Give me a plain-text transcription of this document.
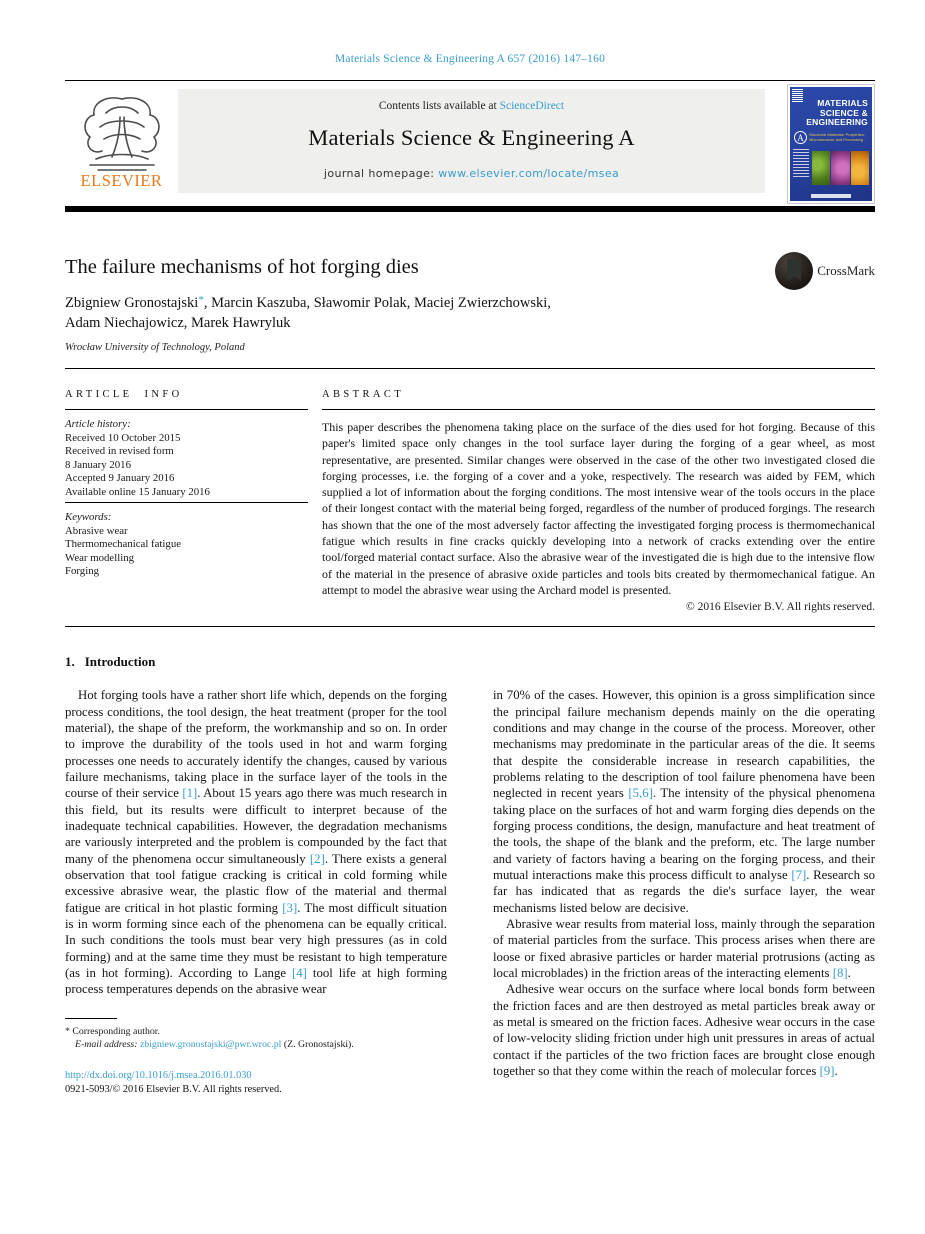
Materials Science & Engineering A 657 (2016) 147–160
ELSEVIER
Contents lists available at ScienceDirect
Materials Science & Engineering A
journal homepage: www.elsevier.com/locate/msea
MATERIALS
SCIENCE &
ENGINEERING
A	Structural Materials: Properties, Microstructure and Processing
The failure mechanisms of hot forging dies	CrossMark
Zbigniew Gronostajski*, Marcin Kaszuba, Sławomir Polak, Maciej Zwierzchowski,
Adam Niechajowicz, Marek Hawryluk
Wrocław University of Technology, Poland
ARTICLE INFO
Article history:
Received 10 October 2015
Received in revised form
8 January 2016
Accepted 9 January 2016
Available online 15 January 2016
Keywords:
Abrasive wear
Thermomechanical fatigue
Wear modelling
Forging
ABSTRACT
This paper describes the phenomena taking place on the surface of the dies used for hot forging. Because of this paper's limited space only changes in the tool surface layer during the forging of a gear wheel, as most representative, are presented. Similar changes were observed in the case of the other two investigated closed die forging processes, i.e. the forging of a cover and a yoke, respectively. The research was aided by FEM, which supplied a lot of information about the forging conditions. The most intensive wear of the tools occurs in the place of their longest contact with the material being forged, regardless of the number of produced forgings. The research has shown that the one of the most adversely factor affecting the investigated forging process is thermomechanical fatigue which results in fine cracks quickly developing into a network of cracks extending over the entire tool/forged material contact surface. Also the abrasive wear of the investigated die is high due to the intensive flow of the material in the presence of abrasive oxide particles and tools bits created by thermomechanical fatigue. An attempt to model the abrasive wear using the Archard model is presented.
© 2016 Elsevier B.V. All rights reserved.
1. Introduction

Hot forging tools have a rather short life which, depends on the forging process conditions, the tool design, the heat treatment (proper for the tool material), the shape of the preform, the workmanship and so on. In order to improve the durability of the tools used in hot and warm forging processes one needs to accurately identify the changes, caused by various failure mechanisms, taking place in the surface layer of the tools in the course of their service [1]. About 15 years ago there was much research in this field, but its results were difficult to interpret because of the inadequate technical capabilities. However, the degradation mechanisms are variously interpreted and the problem is compounded by the fact that many of the phenomena occur simultaneously [2]. There exists a general observation that tool fatigue cracking is critical in cold forming while excessive abrasive wear, the plastic flow of the material and thermal fatigue are critical in hot plastic forming [3]. The most difficult situation is in worm forming since each of the phenomena can be equally critical. In such conditions the tools must bear very high pressures (as in cold forming) and at the same time they must be resistant to high temperature (as in hot forming). According to Lange [4] tool life at high forming process temperatures depends on the abrasive wear

* Corresponding author.
E-mail address: zbigniew.gronostajski@pwr.wroc.pl (Z. Gronostajski).
http://dx.doi.org/10.1016/j.msea.2016.01.030
0921-5093/© 2016 Elsevier B.V. All rights reserved.

in 70% of the cases. However, this opinion is a gross simplification since the principal failure mechanism depends mainly on the die operating conditions and may change in the course of the process. Moreover, other mechanisms may predominate in the particular areas of the die. It seems that despite the considerable increase in research capabilities, the problems relating to the description of tool failure phenomena have been neglected in recent years [5,6]. The intensity of the physical phenomena taking place on the surfaces of hot and warm forging dies depends on the forging process conditions, the design, manufacture and heat treatment of the tools, the shape of the blank and the preform, etc. The large number and variety of factors having a bearing on the forging process, and their mutual interactions make this process difficult to analyse [7]. Research so far has indicated that as regards the die's surface layer, the wear mechanisms listed below are decisive.

Abrasive wear results from material loss, mainly through the separation of material particles from the surface. This process arises when there are loose or fixed abrasive particles or harder material protrusions (acting as local microblades) in the friction areas of the interacting elements [8].

Adhesive wear occurs on the surface where local bonds form between the friction faces and are then destroyed as metal particles break away or as metal is smeared on the friction faces. Adhesive wear occurs in the case of low-velocity sliding friction under high unit pressures in areas of actual contact if the particles of the two friction faces are brought close enough together so that they come within the reach of molecular forces [9].
